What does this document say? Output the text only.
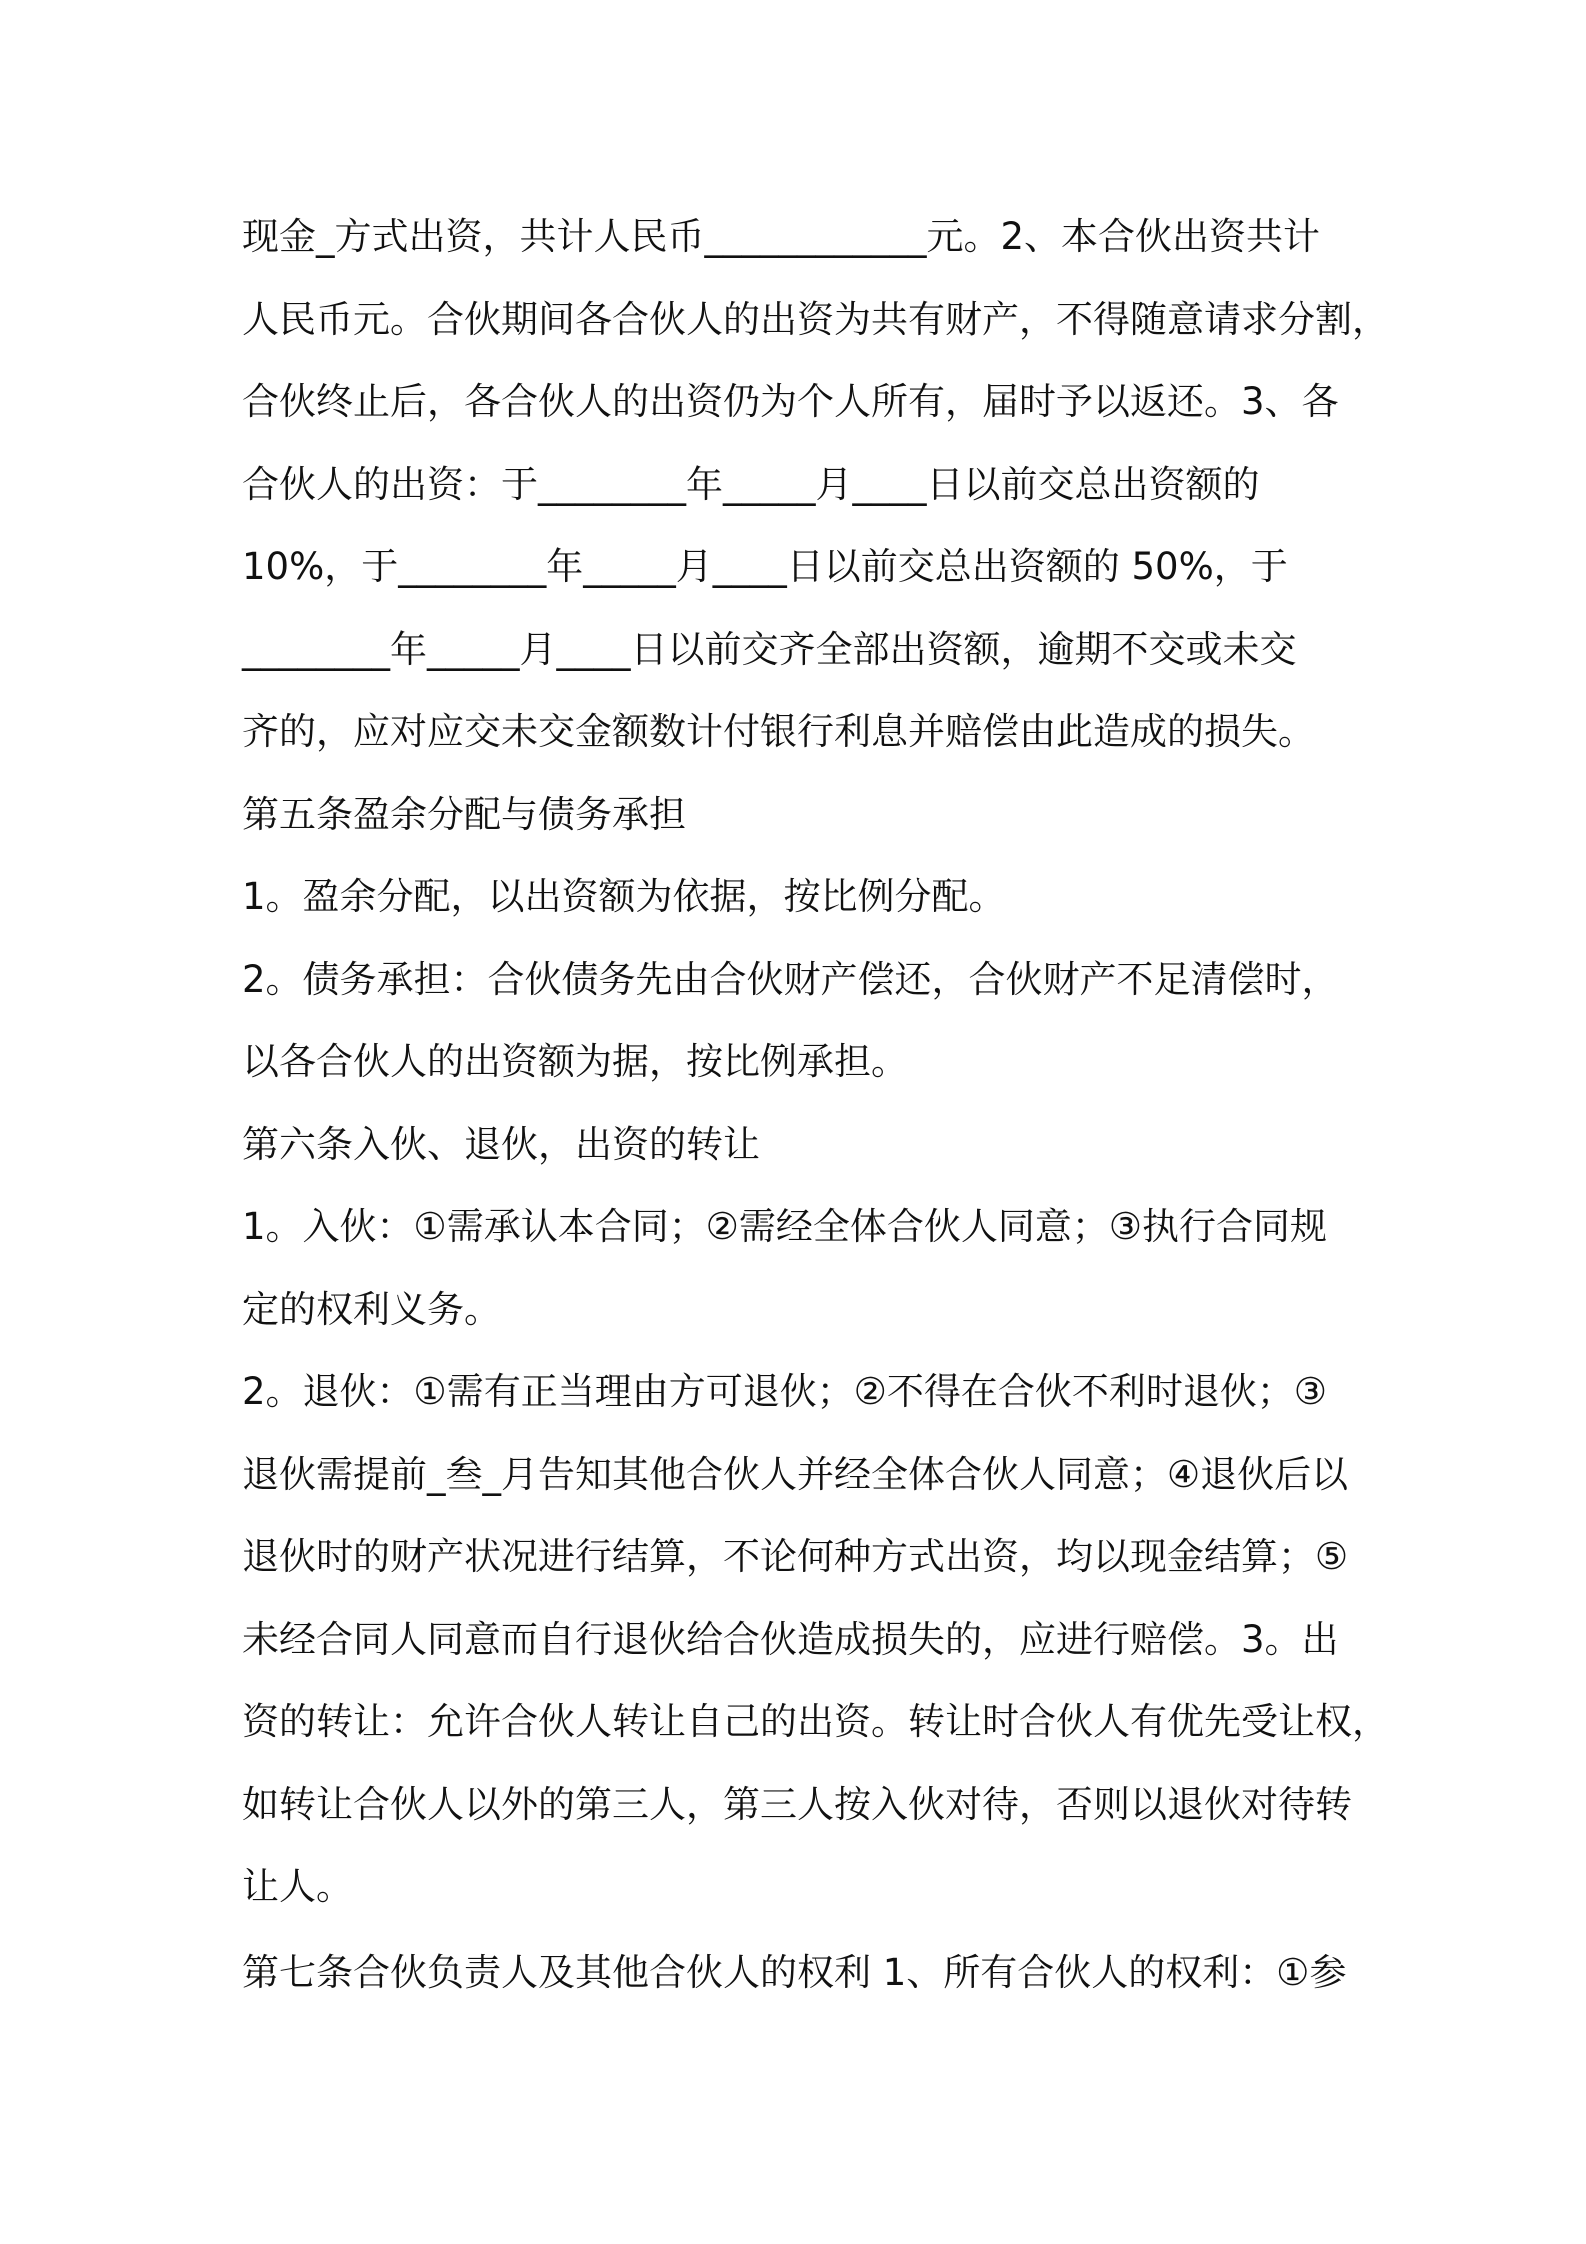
现金_方式出资，共计人民币____________元。2、本合伙出资共计
人民币元。合伙期间各合伙人的出资为共有财产，不得随意请求分割，
合伙终止后，各合伙人的出资仍为个人所有，届时予以返还。3、各
合伙人的出资：于________年_____月____日以前交总出资额的
10%，于________年_____月____日以前交总出资额的 50%，于
________年_____月____日以前交齐全部出资额，逾期不交或未交
齐的，应对应交未交金额数计付银行利息并赔偿由此造成的损失。
第五条盈余分配与债务承担
1。盈余分配，以出资额为依据，按比例分配。
2。债务承担：合伙债务先由合伙财产偿还，合伙财产不足清偿时，
以各合伙人的出资额为据，按比例承担。
第六条入伙、退伙，出资的转让
1。入伙：①需承认本合同；②需经全体合伙人同意；③执行合同规
定的权利义务。
2。退伙：①需有正当理由方可退伙；②不得在合伙不利时退伙；③
退伙需提前_叁_月告知其他合伙人并经全体合伙人同意；④退伙后以
退伙时的财产状况进行结算，不论何种方式出资，均以现金结算；⑤
未经合同人同意而自行退伙给合伙造成损失的，应进行赔偿。3。出
资的转让：允许合伙人转让自己的出资。转让时合伙人有优先受让权，
如转让合伙人以外的第三人，第三人按入伙对待，否则以退伙对待转
让人。
第七条合伙负责人及其他合伙人的权利 1、所有合伙人的权利：①参
